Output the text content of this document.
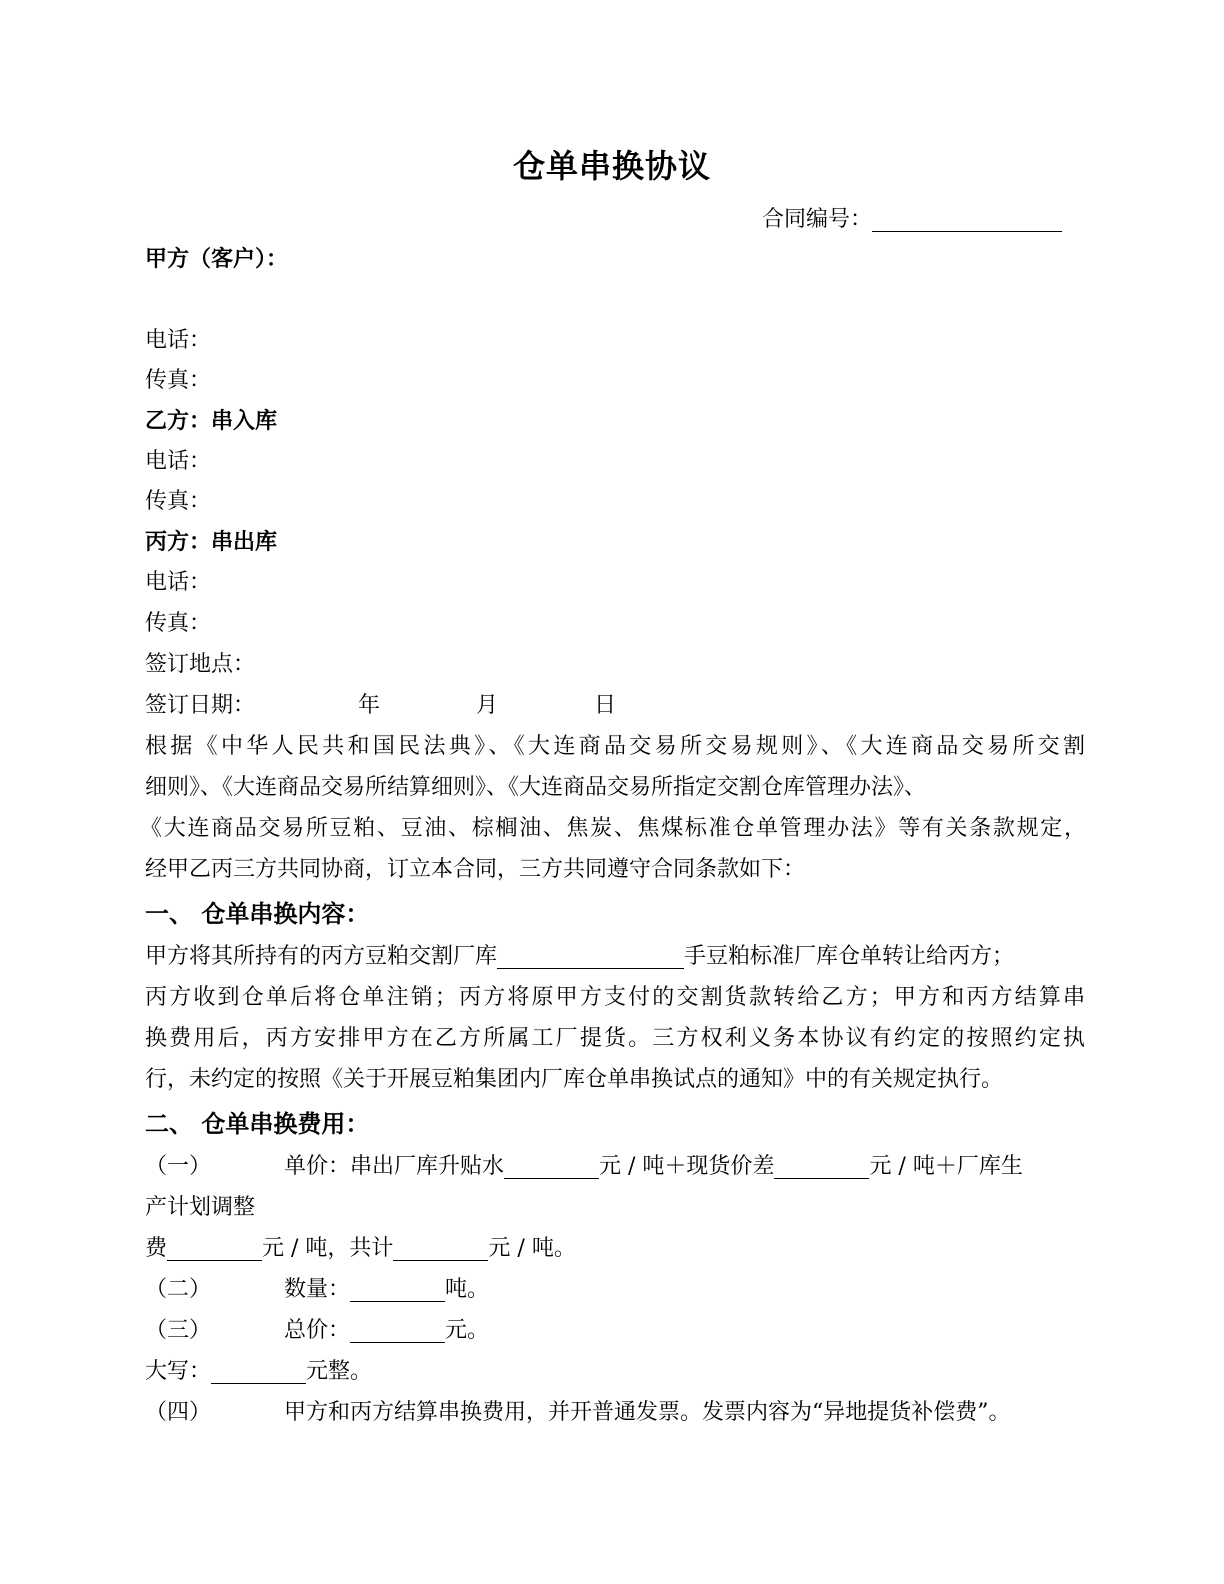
仓单串换协议
合同编号：
甲方（客户）：
电话：
传真：
乙方：串入库
电话：
传真：
丙方：串出库
电话：
传真：
签订地点：
签订日期：	年	月	日
根据《中华人民共和国民法典》、《大连商品交易所交易规则》、《大连商品交易所交割
细则》、《大连商品交易所结算细则》、《大连商品交易所指定交割仓库管理办法》、
《大连商品交易所豆粕、豆油、棕榈油、焦炭、焦煤标准仓单管理办法》等有关条款规定，
经甲乙丙三方共同协商，订立本合同，三方共同遵守合同条款如下：
一、 仓单串换内容：
甲方将其所持有的丙方豆粕交割厂库	手豆粕标准厂库仓单转让给丙方；
丙方收到仓单后将仓单注销；丙方将原甲方支付的交割货款转给乙方；甲方和丙方结算串
换费用后，丙方安排甲方在乙方所属工厂提货。三方权利义务本协议有约定的按照约定执
行，未约定的按照《关于开展豆粕集团内厂库仓单串换试点的通知》中的有关规定执行。
二、 仓单串换费用：
（一）	单价：串出厂库升贴水	元 / 吨＋现货价差	元 / 吨＋厂库生
产计划调整
费	元 / 吨，共计	元 / 吨。
（二）	数量：	吨。
（三）	总价：	元。
大写：	元整。
（四）	甲方和丙方结算串换费用，并开普通发票。发票内容为“异地提货补偿费”。
